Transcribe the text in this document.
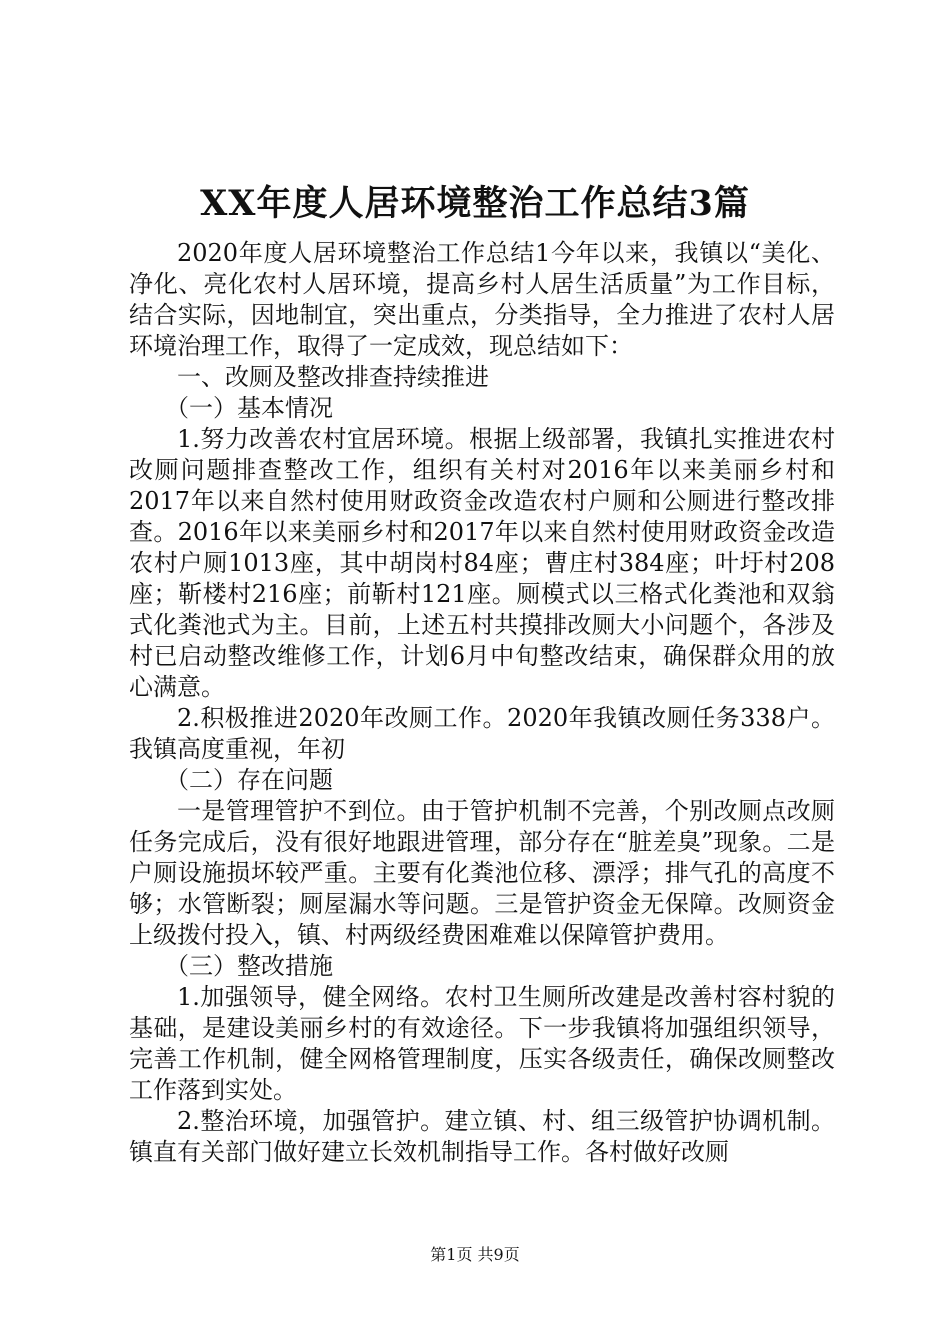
XX年度人居环境整治工作总结3篇

2020年度人居环境整治工作总结1今年以来，我镇以“美化、净化、亮化农村人居环境，提高乡村人居生活质量”为工作目标，结合实际，因地制宜，突出重点，分类指导，全力推进了农村人居环境治理工作，取得了一定成效，现总结如下：

一、改厕及整改排查持续推进

（一）基本情况

1.努力改善农村宜居环境。根据上级部署，我镇扎实推进农村改厕问题排查整改工作，组织有关村对2016年以来美丽乡村和2017年以来自然村使用财政资金改造农村户厕和公厕进行整改排查。2016年以来美丽乡村和2017年以来自然村使用财政资金改造农村户厕1013座，其中胡岗村84座；曹庄村384座；叶圩村208座；靳楼村216座；前靳村121座。厕模式以三格式化粪池和双翁式化粪池式为主。目前，上述五村共摸排改厕大小问题个，各涉及村已启动整改维修工作，计划6月中旬整改结束，确保群众用的放心满意。

2.积极推进2020年改厕工作。2020年我镇改厕任务338户。我镇高度重视，年初

（二）存在问题

一是管理管护不到位。由于管护机制不完善，个别改厕点改厕任务完成后，没有很好地跟进管理，部分存在“脏差臭”现象。二是户厕设施损坏较严重。主要有化粪池位移、漂浮；排气孔的高度不够；水管断裂；厕屋漏水等问题。三是管护资金无保障。改厕资金上级拨付投入，镇、村两级经费困难难以保障管护费用。

（三）整改措施

1.加强领导，健全网络。农村卫生厕所改建是改善村容村貌的基础，是建设美丽乡村的有效途径。下一步我镇将加强组织领导，完善工作机制，健全网格管理制度，压实各级责任，确保改厕整改工作落到实处。

2.整治环境，加强管护。建立镇、村、组三级管护协调机制。镇直有关部门做好建立长效机制指导工作。各村做好改厕

第1页 共9页
